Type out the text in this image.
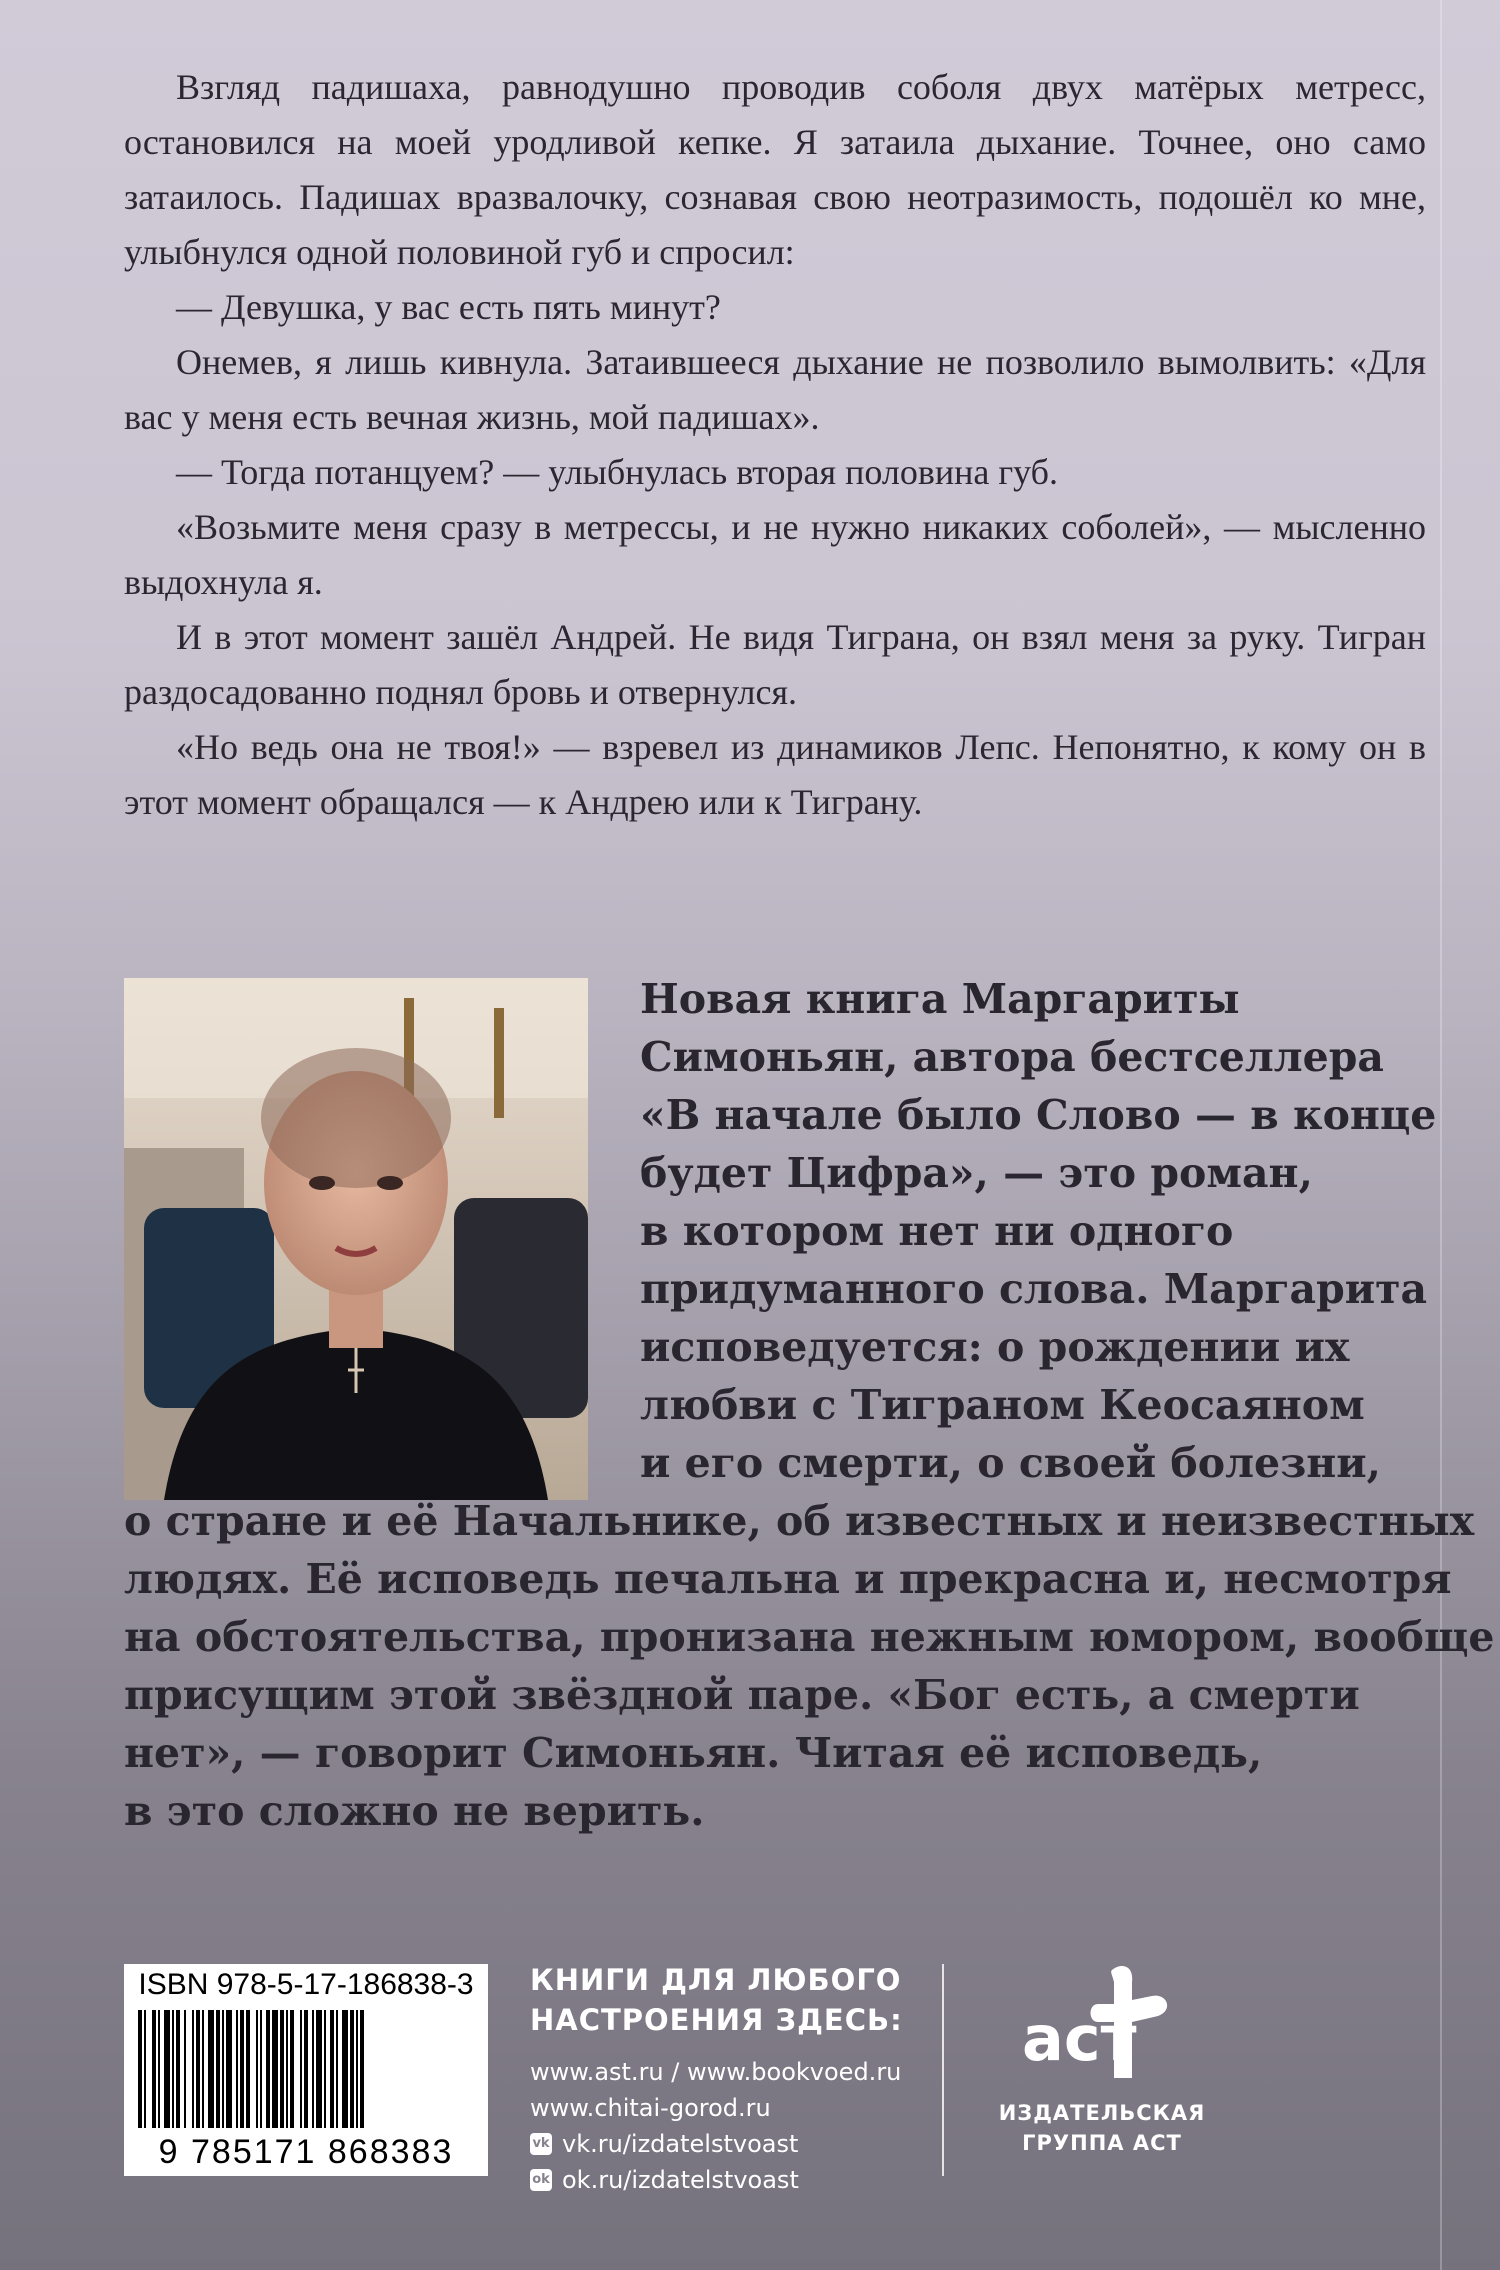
Взгляд падишаха, равнодушно проводив соболя двух матёрых метресс, остановился на моей уродливой кепке. Я затаила дыхание. Точнее, оно само затаилось. Падишах вразвалочку, сознавая свою неотразимость, подошёл ко мне, улыбнулся одной половиной губ и спросил:

— Девушка, у вас есть пять минут?

Онемев, я лишь кивнула. Затаившееся дыхание не позволило вымолвить: «Для вас у меня есть вечная жизнь, мой падишах».

— Тогда потанцуем? — улыбнулась вторая половина губ.

«Возьмите меня сразу в метрессы, и не нужно никаких соболей», — мысленно выдохнула я.

И в этот момент зашёл Андрей. Не видя Тиграна, он взял меня за руку. Тигран раздосадованно поднял бровь и отвернулся.

«Но ведь она не твоя!» — взревел из динамиков Лепс. Непонятно, к кому он в этот момент обращался — к Андрею или к Тиграну.

Новая книга Маргариты
Симоньян, автора бестселлера
«В начале было Слово — в конце
будет Цифра», — это роман,
в котором нет ни одного
придуманного слова. Маргарита
исповедуется: о рождении их
любви с Тиграном Кеосаяном
и его смерти, о своей болезни,
о стране и её Начальнике, об известных и неизвестных
людях. Её исповедь печальна и прекрасна и, несмотря
на обстоятельства, пронизана нежным юмором, вообще
присущим этой звёздной паре. «Бог есть, а смерти
нет», — говорит Симоньян. Читая её исповедь,
в это сложно не верить.
ISBN 978-5-17-186838-3
9 785171 868383
КНИГИ ДЛЯ ЛЮБОГО
НАСТРОЕНИЯ ЗДЕСЬ:
www.ast.ru / www.bookvoed.ru
www.chitai-gorod.ru
vk vk.ru/izdatelstvoast
ok ok.ru/izdatelstvoast
аст
ИЗДАТЕЛЬСКАЯ
ГРУППА АСТ
